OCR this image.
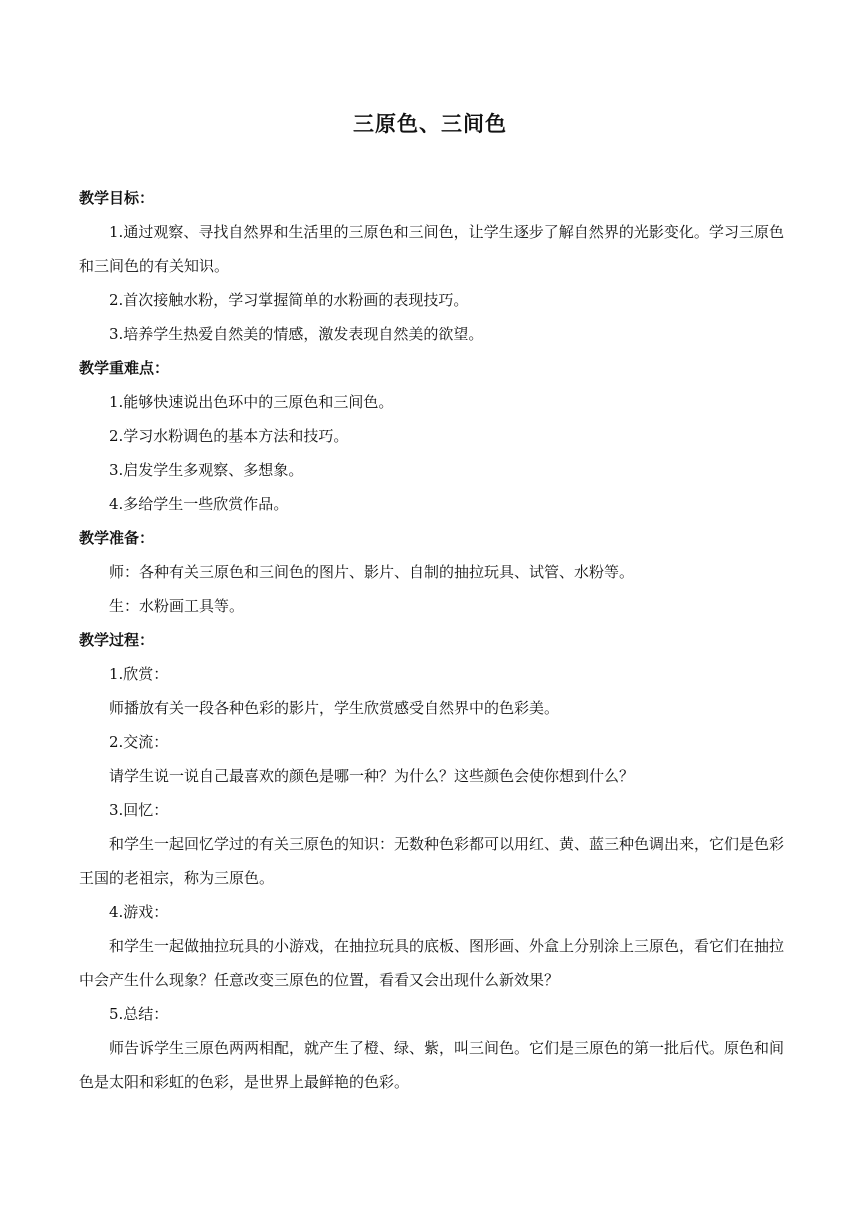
三原色、三间色
教学目标：
1.通过观察、寻找自然界和生活里的三原色和三间色，让学生逐步了解自然界的光影变化。学习三原色和三间色的有关知识。
2.首次接触水粉，学习掌握简单的水粉画的表现技巧。
3.培养学生热爱自然美的情感，激发表现自然美的欲望。
教学重难点：
1.能够快速说出色环中的三原色和三间色。
2.学习水粉调色的基本方法和技巧。
3.启发学生多观察、多想象。
4.多给学生一些欣赏作品。
教学准备：
师：各种有关三原色和三间色的图片、影片、自制的抽拉玩具、试管、水粉等。
生：水粉画工具等。
教学过程：
1.欣赏：
师播放有关一段各种色彩的影片，学生欣赏感受自然界中的色彩美。
2.交流：
请学生说一说自己最喜欢的颜色是哪一种？为什么？这些颜色会使你想到什么？
3.回忆：
和学生一起回忆学过的有关三原色的知识：无数种色彩都可以用红、黄、蓝三种色调出来，它们是色彩王国的老祖宗，称为三原色。
4.游戏：
和学生一起做抽拉玩具的小游戏，在抽拉玩具的底板、图形画、外盒上分别涂上三原色，看它们在抽拉中会产生什么现象？任意改变三原色的位置，看看又会出现什么新效果？
5.总结：
师告诉学生三原色两两相配，就产生了橙、绿、紫，叫三间色。它们是三原色的第一批后代。原色和间色是太阳和彩虹的色彩，是世界上最鲜艳的色彩。
